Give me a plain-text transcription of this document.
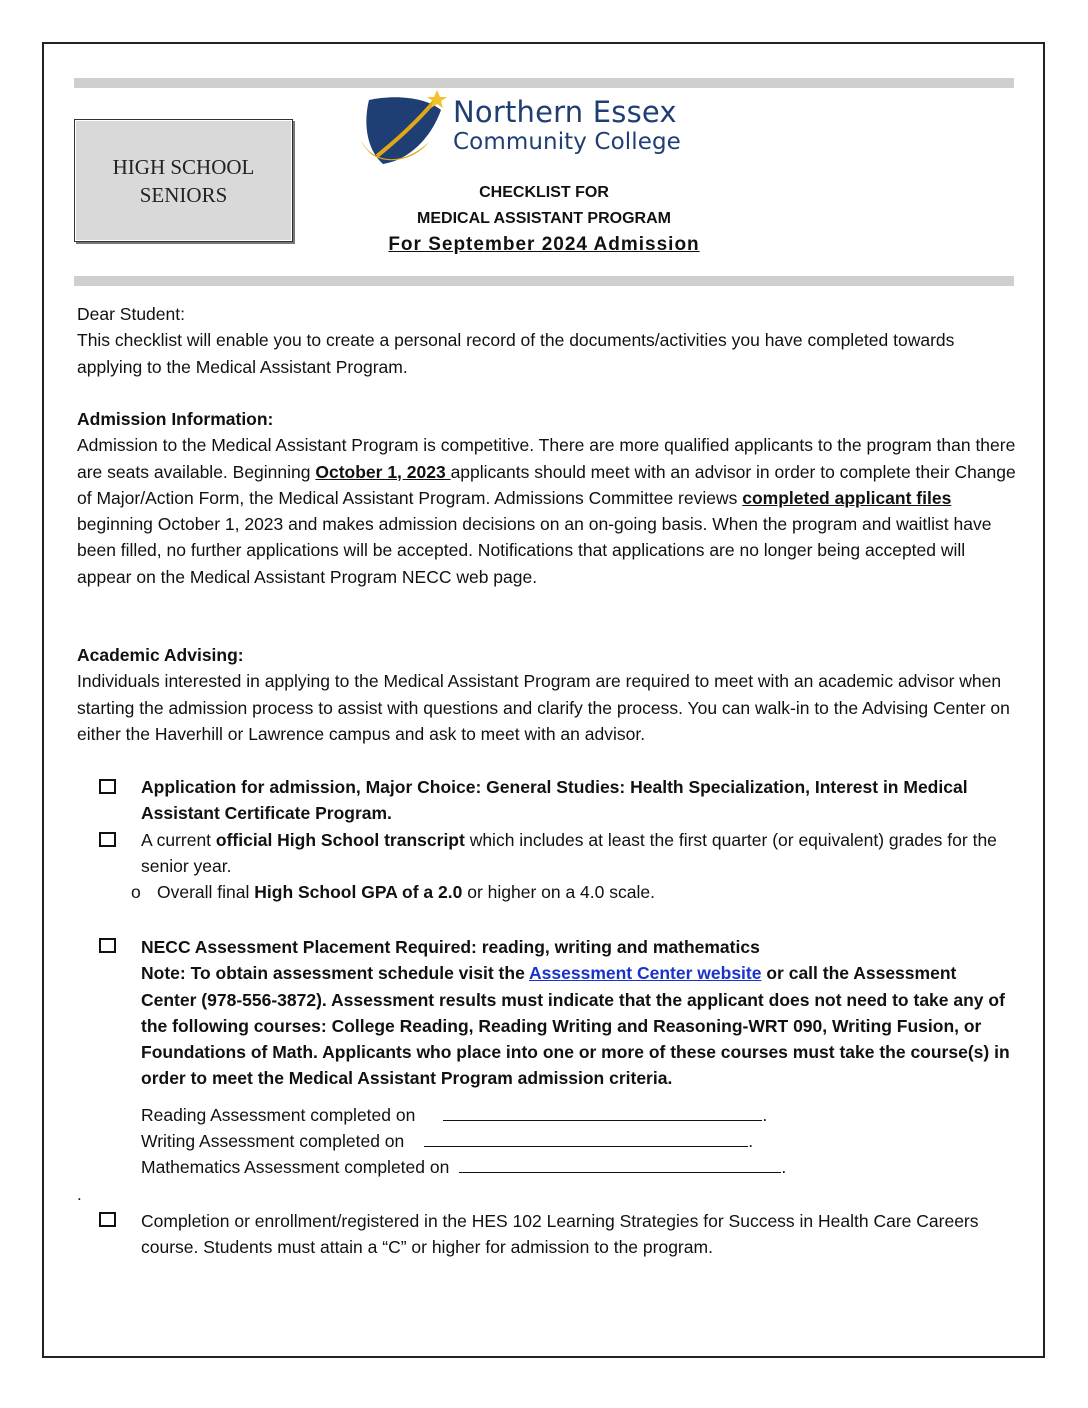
HIGH SCHOOL
SENIORS
Northern Essex
Community College
CHECKLIST FOR
MEDICAL ASSISTANT PROGRAM
For September 2024 Admission

Dear Student:

This checklist will enable you to create a personal record of the documents/activities you have completed towards applying to the Medical Assistant Program.

Admission Information:

Admission to the Medical Assistant Program is competitive. There are more qualified applicants to the program than there are seats available. Beginning October 1, 2023 applicants should meet with an advisor in order to complete their Change of Major/Action Form, the Medical Assistant Program. Admissions Committee reviews completed applicant files beginning October 1, 2023 and makes admission decisions on an on-going basis. When the program and waitlist have been filled, no further applications will be accepted. Notifications that applications are no longer being accepted will appear on the Medical Assistant Program NECC web page.

Academic Advising:

Individuals interested in applying to the Medical Assistant Program are required to meet with an academic advisor when starting the admission process to assist with questions and clarify the process. You can walk-in to the Advising Center on either the Haverhill or Lawrence campus and ask to meet with an advisor.

Application for admission, Major Choice: General Studies: Health Specialization, Interest in Medical Assistant Certificate Program.
A current official High School transcript which includes at least the first quarter (or equivalent) grades for the senior year.
o Overall final High School GPA of a 2.0 or higher on a 4.0 scale.
NECC Assessment Placement Required: reading, writing and mathematics
Note: To obtain assessment schedule visit the Assessment Center website or call the Assessment Center (978-556-3872). Assessment results must indicate that the applicant does not need to take any of the following courses: College Reading, Reading Writing and Reasoning-WRT 090, Writing Fusion, or Foundations of Math. Applicants who place into one or more of these courses must take the course(s) in order to meet the Medical Assistant Program admission criteria.
Reading Assessment completed on	.
Writing Assessment completed on	.
Mathematics Assessment completed on	.
.
Completion or enrollment/registered in the HES 102 Learning Strategies for Success in Health Care Careers course. Students must attain a “C” or higher for admission to the program.
